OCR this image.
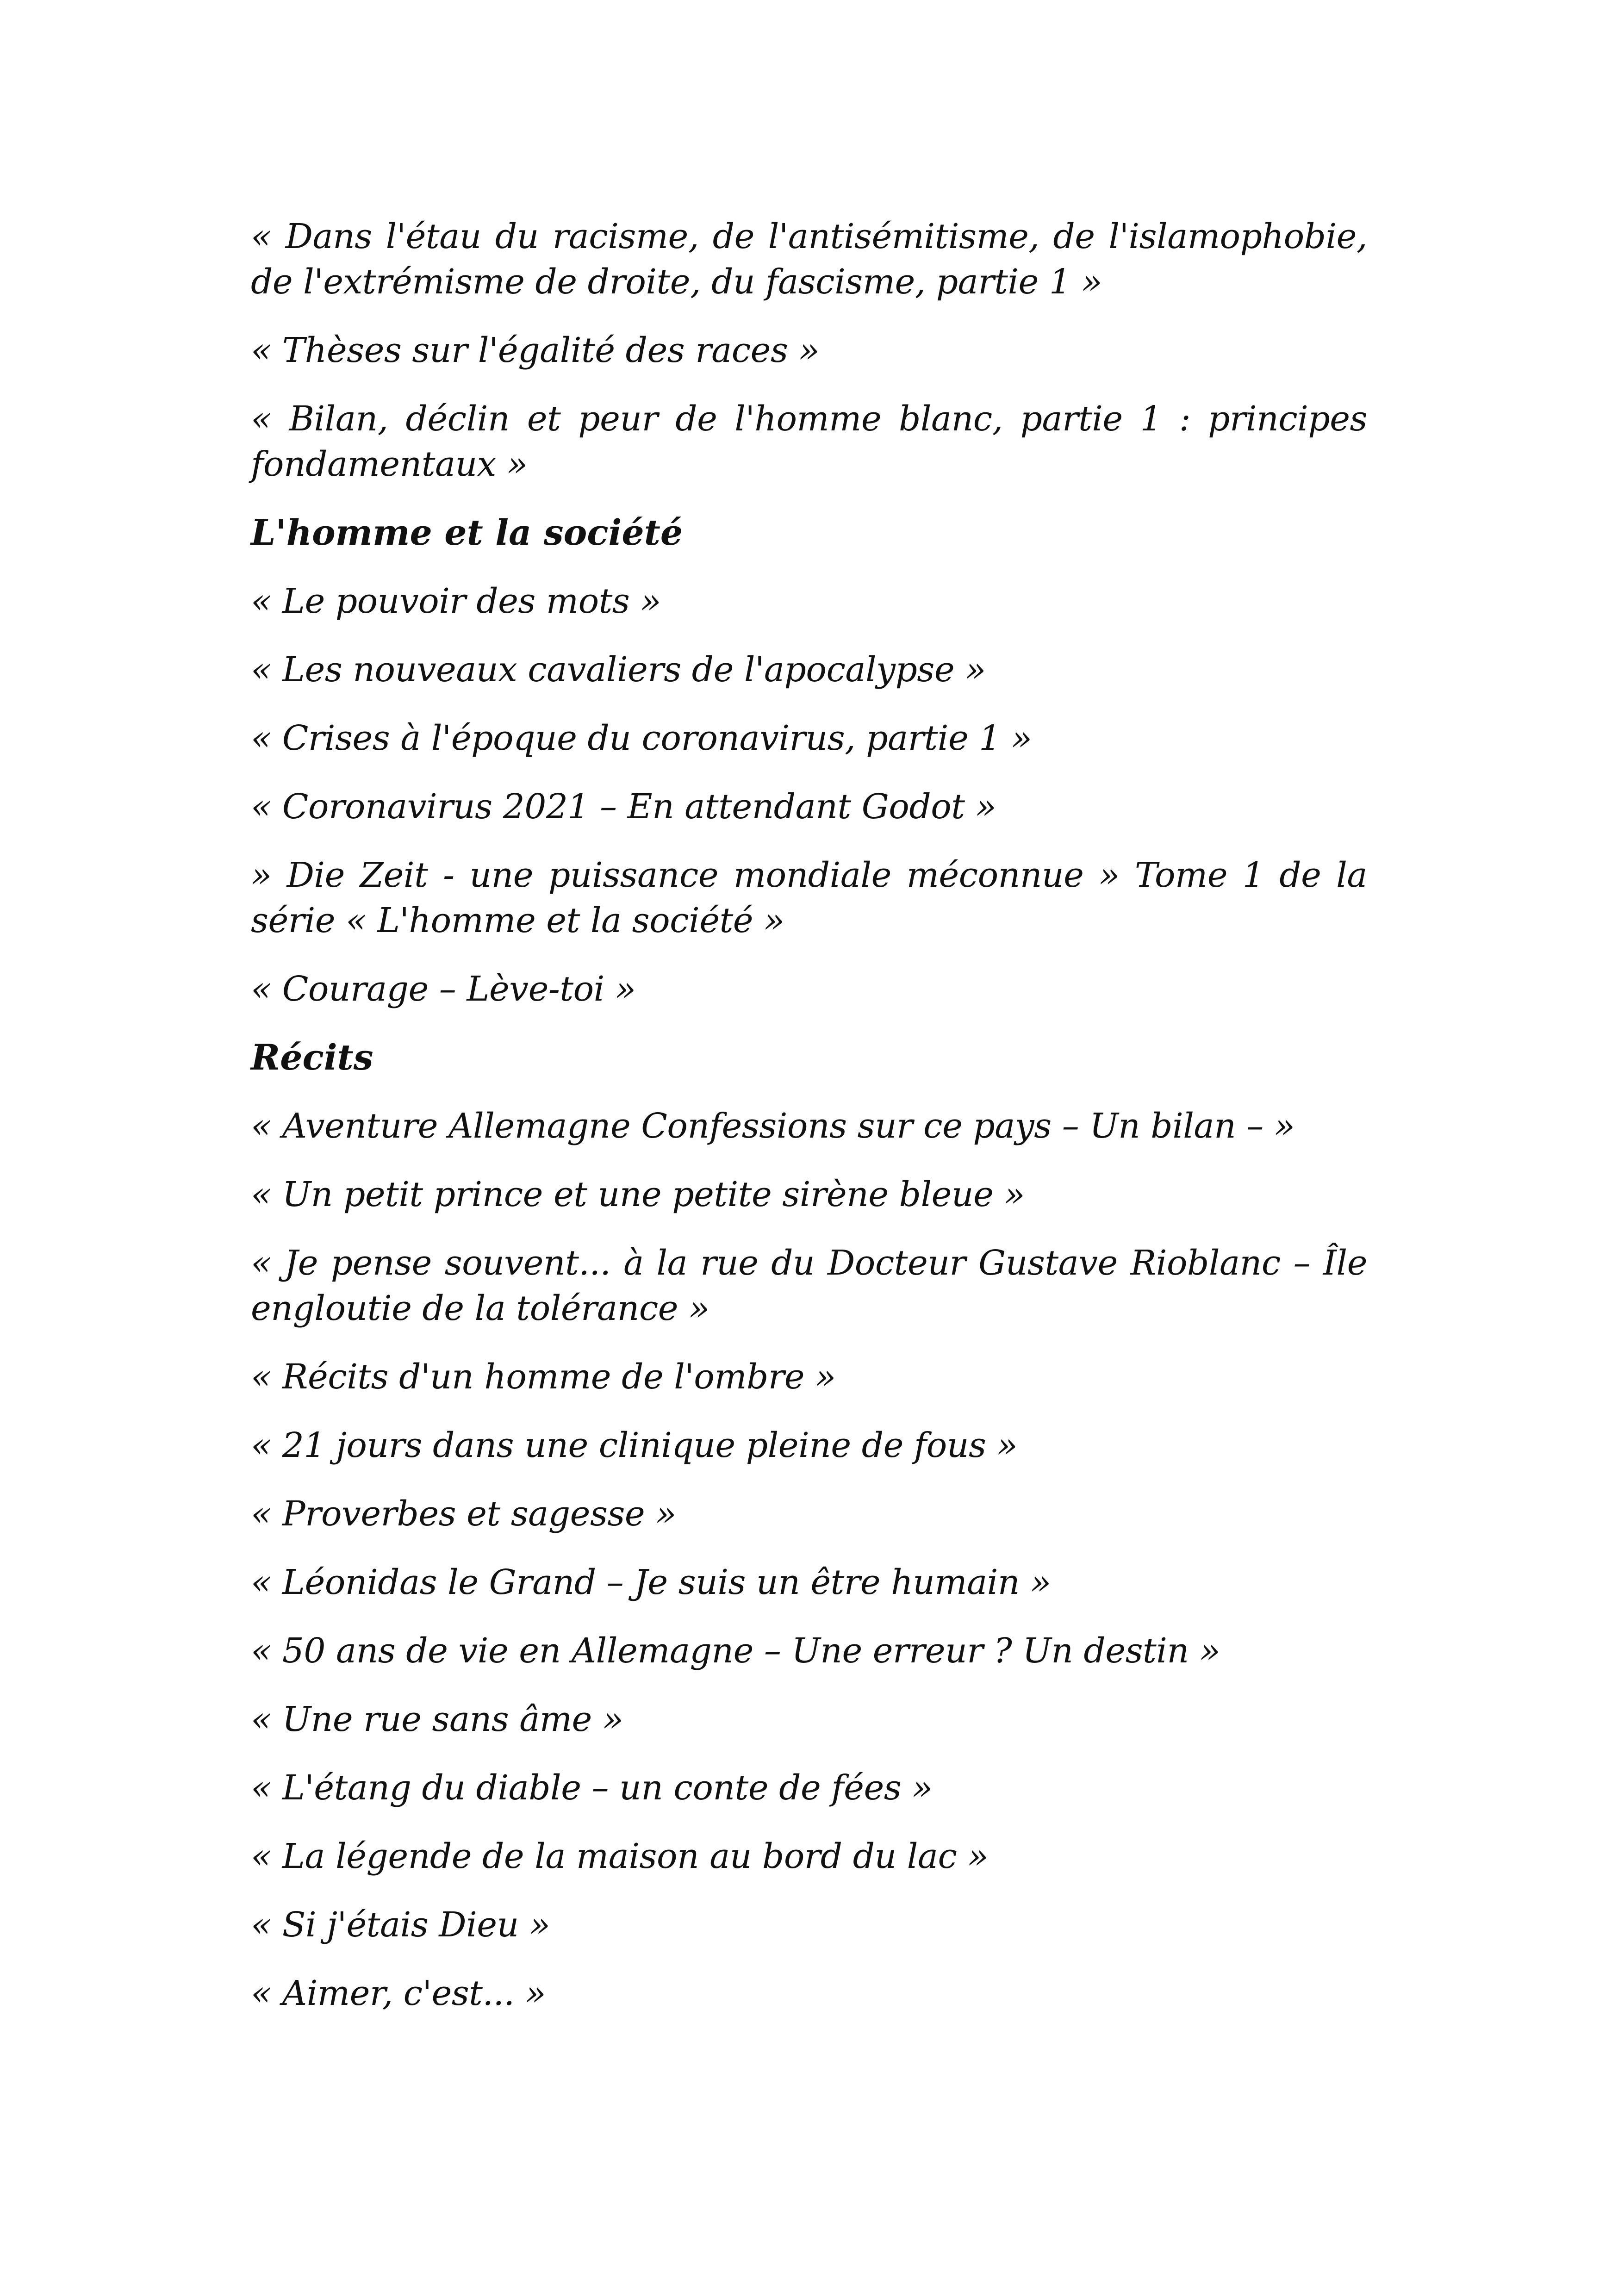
« Dans l'étau du racisme, de l'antisémitisme, de l'islamophobie, de l'extrémisme de droite, du fascisme, partie 1 »

« Thèses sur l'égalité des races »

« Bilan, déclin et peur de l'homme blanc, partie 1 : principes fondamentaux »

L'homme et la société

« Le pouvoir des mots »

« Les nouveaux cavaliers de l'apocalypse »

« Crises à l'époque du coronavirus, partie 1 »

« Coronavirus 2021 – En attendant Godot »

» Die Zeit - une puissance mondiale méconnue » Tome 1 de la série « L'homme et la société »

« Courage – Lève-toi »

Récits

« Aventure Allemagne Confessions sur ce pays – Un bilan – »

« Un petit prince et une petite sirène bleue »

« Je pense souvent... à la rue du Docteur Gustave Rioblanc – Île engloutie de la tolérance »

« Récits d'un homme de l'ombre »

« 21 jours dans une clinique pleine de fous »

« Proverbes et sagesse »

« Léonidas le Grand – Je suis un être humain »

« 50 ans de vie en Allemagne – Une erreur ? Un destin »

« Une rue sans âme »

« L'étang du diable – un conte de fées »

« La légende de la maison au bord du lac »

« Si j'étais Dieu »

« Aimer, c'est... »
